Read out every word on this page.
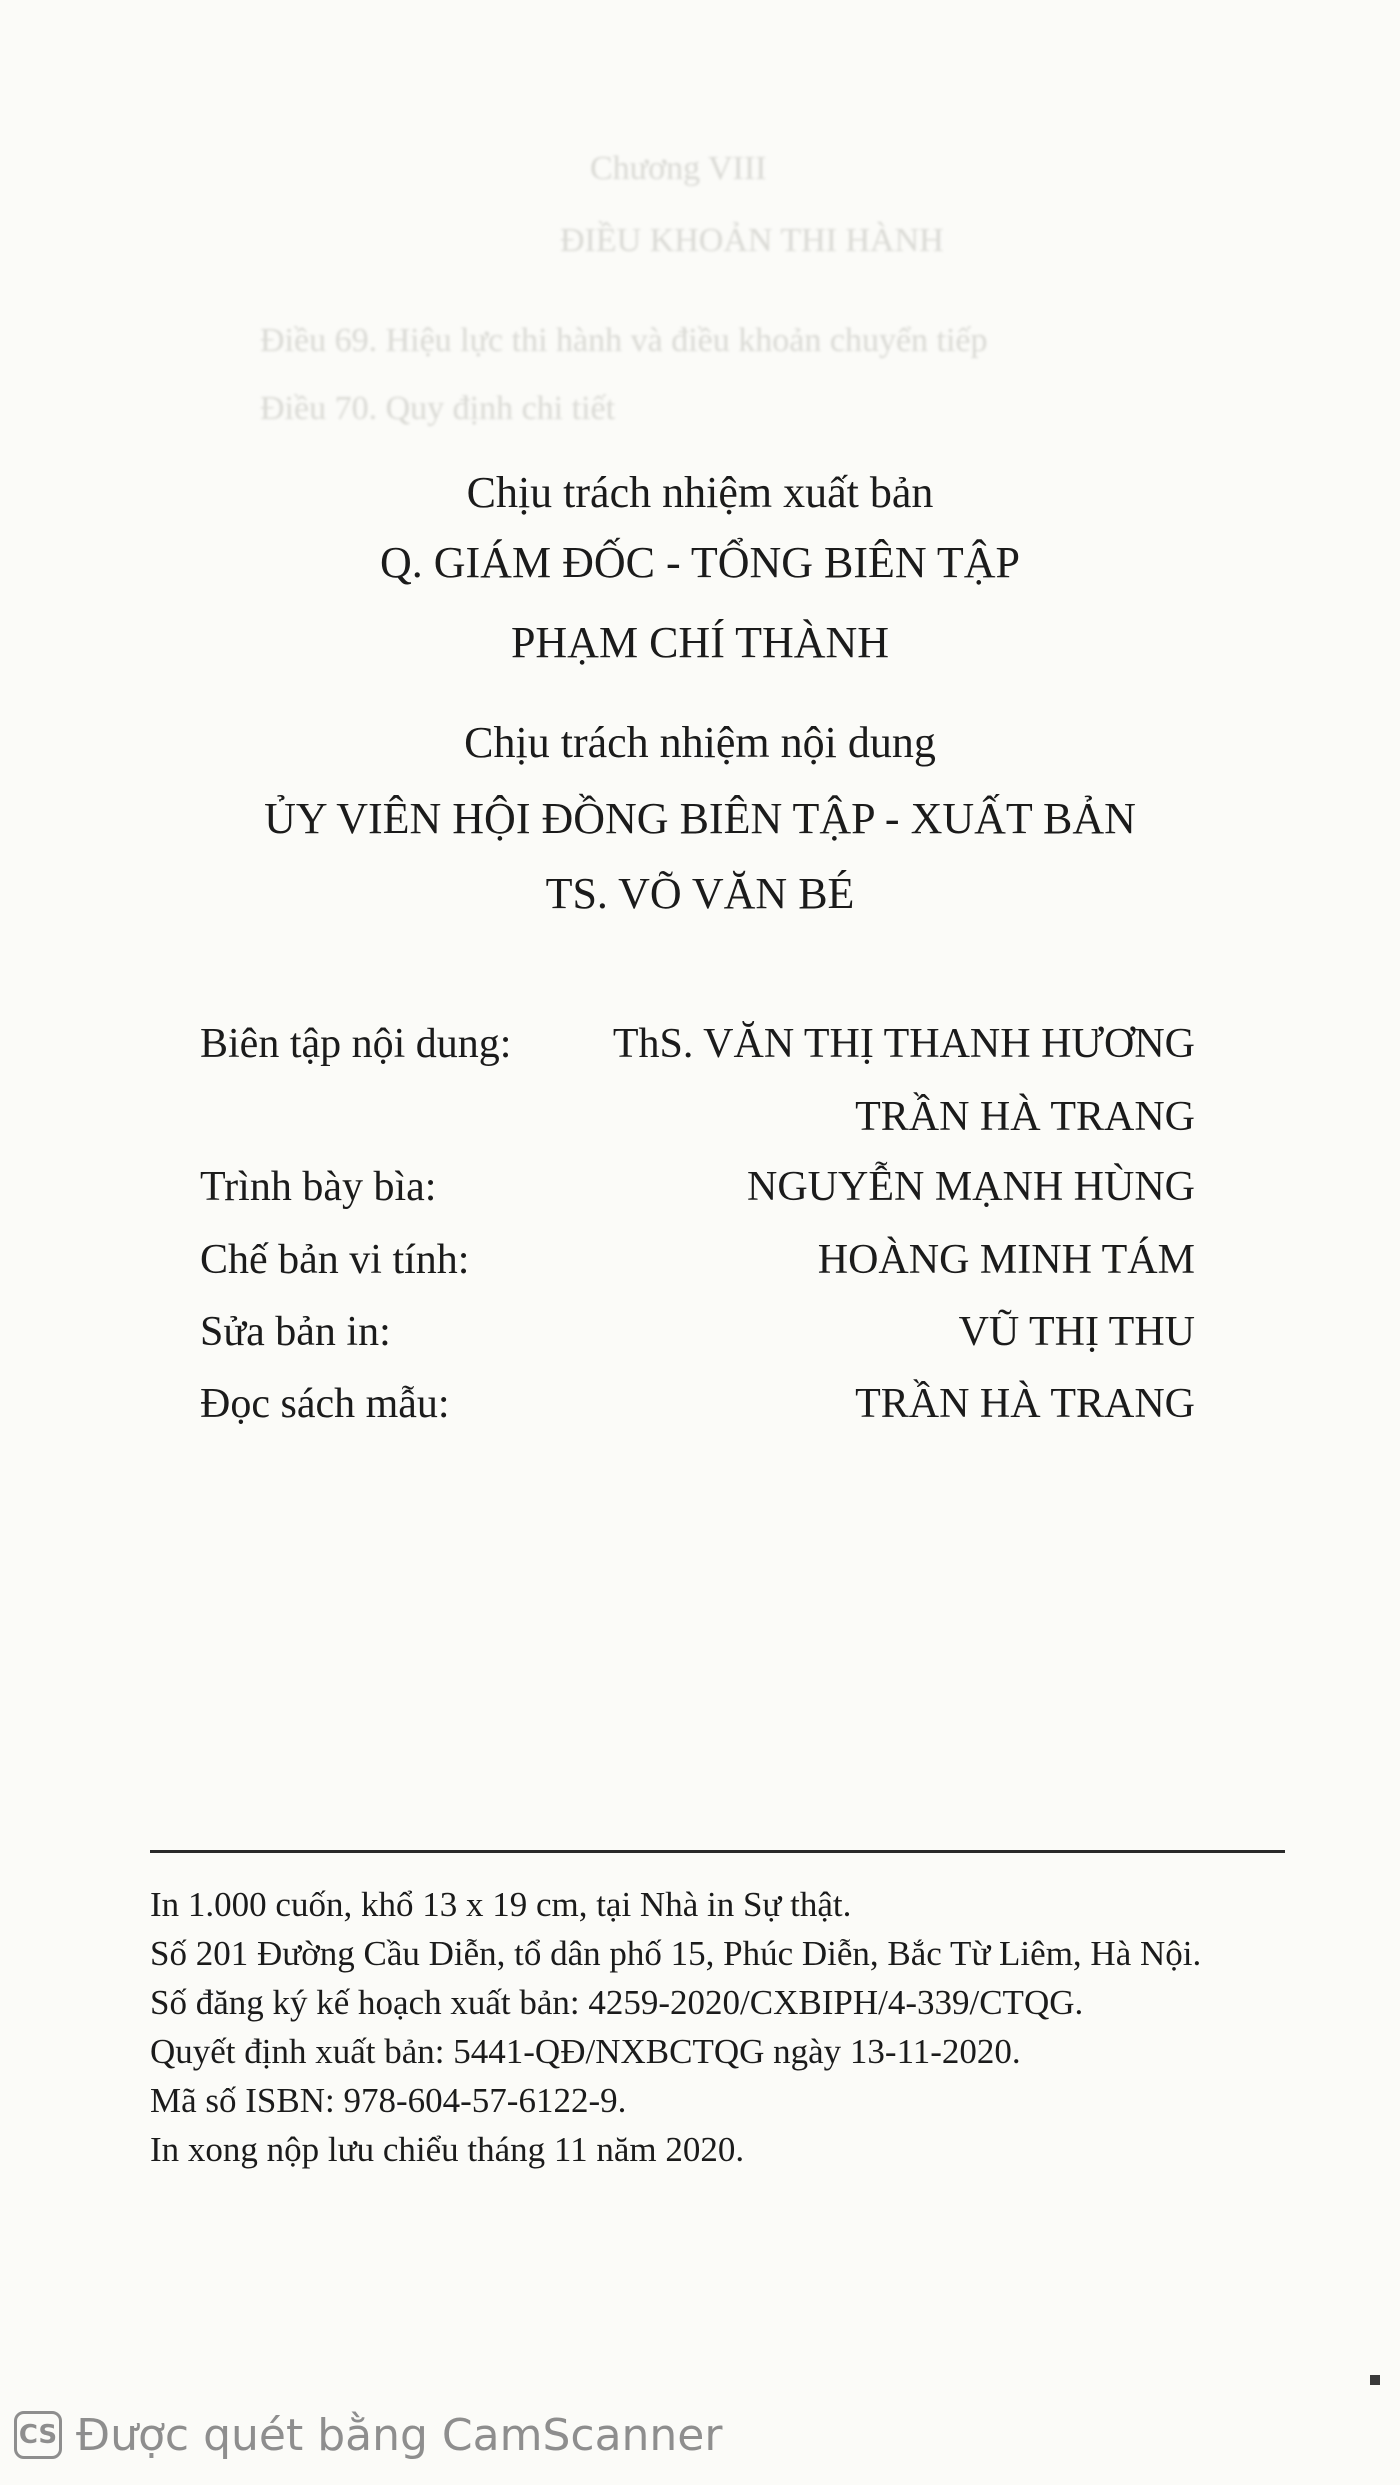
Chương VIII
ĐIỀU KHOẢN THI HÀNH
Điều 69. Hiệu lực thi hành và điều khoản chuyển tiếp
Điều 70. Quy định chi tiết
Chịu trách nhiệm xuất bản
Q. GIÁM ĐỐC - TỔNG BIÊN TẬP
PHẠM CHÍ THÀNH
Chịu trách nhiệm nội dung
ỦY VIÊN HỘI ĐỒNG BIÊN TẬP - XUẤT BẢN
TS. VÕ VĂN BÉ
Biên tập nội dung: ThS. VĂN THỊ THANH HƯƠNG
TRẦN HÀ TRANG
Trình bày bìa:	NGUYỄN MẠNH HÙNG
Chế bản vi tính:	HOÀNG MINH TÁM
Sửa bản in:	VŨ THỊ THU
Đọc sách mẫu:	TRẦN HÀ TRANG
In 1.000 cuốn, khổ 13 x 19 cm, tại Nhà in Sự thật.
Số 201 Đường Cầu Diễn, tổ dân phố 15, Phúc Diễn, Bắc Từ Liêm, Hà Nội.
Số đăng ký kế hoạch xuất bản: 4259-2020/CXBIPH/4-339/CTQG.
Quyết định xuất bản: 5441-QĐ/NXBCTQG ngày 13-11-2020.
Mã số ISBN: 978-604-57-6122-9.
In xong nộp lưu chiểu tháng 11 năm 2020.
CS Được quét bằng CamScanner
